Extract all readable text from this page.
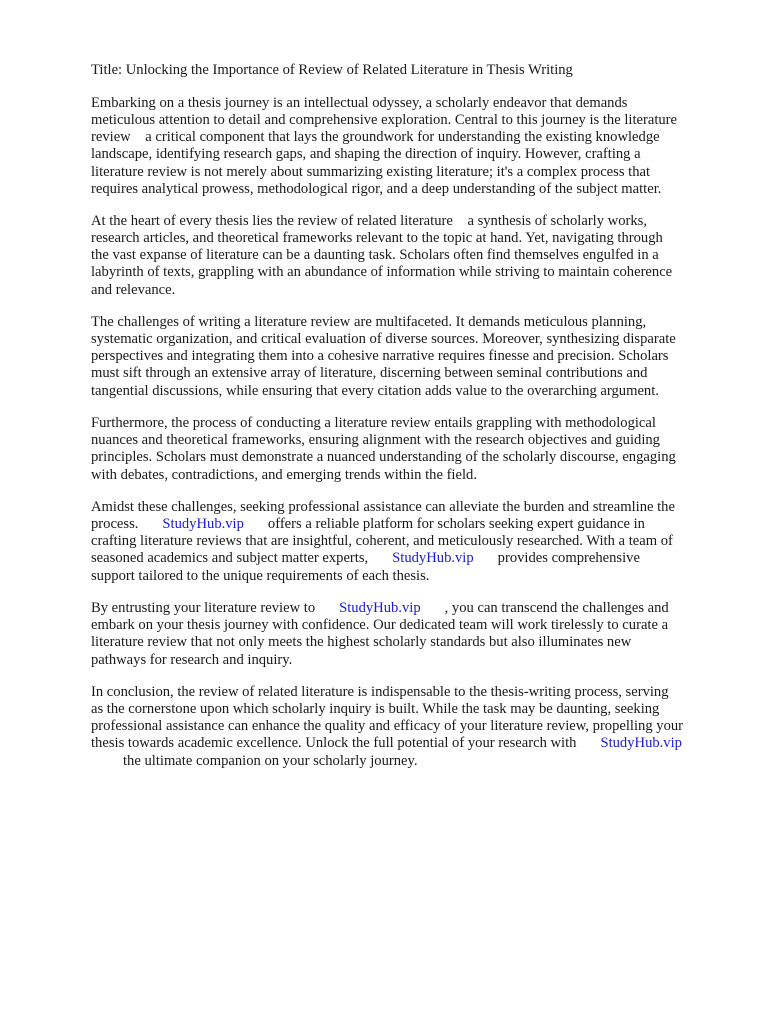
Title: Unlocking the Importance of Review of Related Literature in Thesis Writing

Embarking on a thesis journey is an intellectual odyssey, a scholarly endeavor that demands

meticulous attention to detail and comprehensive exploration. Central to this journey is the literature

review    a critical component that lays the groundwork for understanding the existing knowledge

landscape, identifying research gaps, and shaping the direction of inquiry. However, crafting a

literature review is not merely about summarizing existing literature; it's a complex process that

requires analytical prowess, methodological rigor, and a deep understanding of the subject matter.

At the heart of every thesis lies the review of related literature    a synthesis of scholarly works,

research articles, and theoretical frameworks relevant to the topic at hand. Yet, navigating through

the vast expanse of literature can be a daunting task. Scholars often find themselves engulfed in a

labyrinth of texts, grappling with an abundance of information while striving to maintain coherence

and relevance.

The challenges of writing a literature review are multifaceted. It demands meticulous planning,

systematic organization, and critical evaluation of diverse sources. Moreover, synthesizing disparate

perspectives and integrating them into a cohesive narrative requires finesse and precision. Scholars

must sift through an extensive array of literature, discerning between seminal contributions and

tangential discussions, while ensuring that every citation adds value to the overarching argument.

Furthermore, the process of conducting a literature review entails grappling with methodological

nuances and theoretical frameworks, ensuring alignment with the research objectives and guiding

principles. Scholars must demonstrate a nuanced understanding of the scholarly discourse, engaging

with debates, contradictions, and emerging trends within the field.

Amidst these challenges, seeking professional assistance can alleviate the burden and streamline the

process. StudyHub.vip offers a reliable platform for scholars seeking expert guidance in

crafting literature reviews that are insightful, coherent, and meticulously researched. With a team of

seasoned academics and subject matter experts, StudyHub.vip provides comprehensive

support tailored to the unique requirements of each thesis.

By entrusting your literature review to StudyHub.vip , you can transcend the challenges and

embark on your thesis journey with confidence. Our dedicated team will work tirelessly to curate a

literature review that not only meets the highest scholarly standards but also illuminates new

pathways for research and inquiry.

In conclusion, the review of related literature is indispensable to the thesis-writing process, serving

as the cornerstone upon which scholarly inquiry is built. While the task may be daunting, seeking

professional assistance can enhance the quality and efficacy of your literature review, propelling your

thesis towards academic excellence. Unlock the full potential of your research with StudyHub.vip

the ultimate companion on your scholarly journey.
